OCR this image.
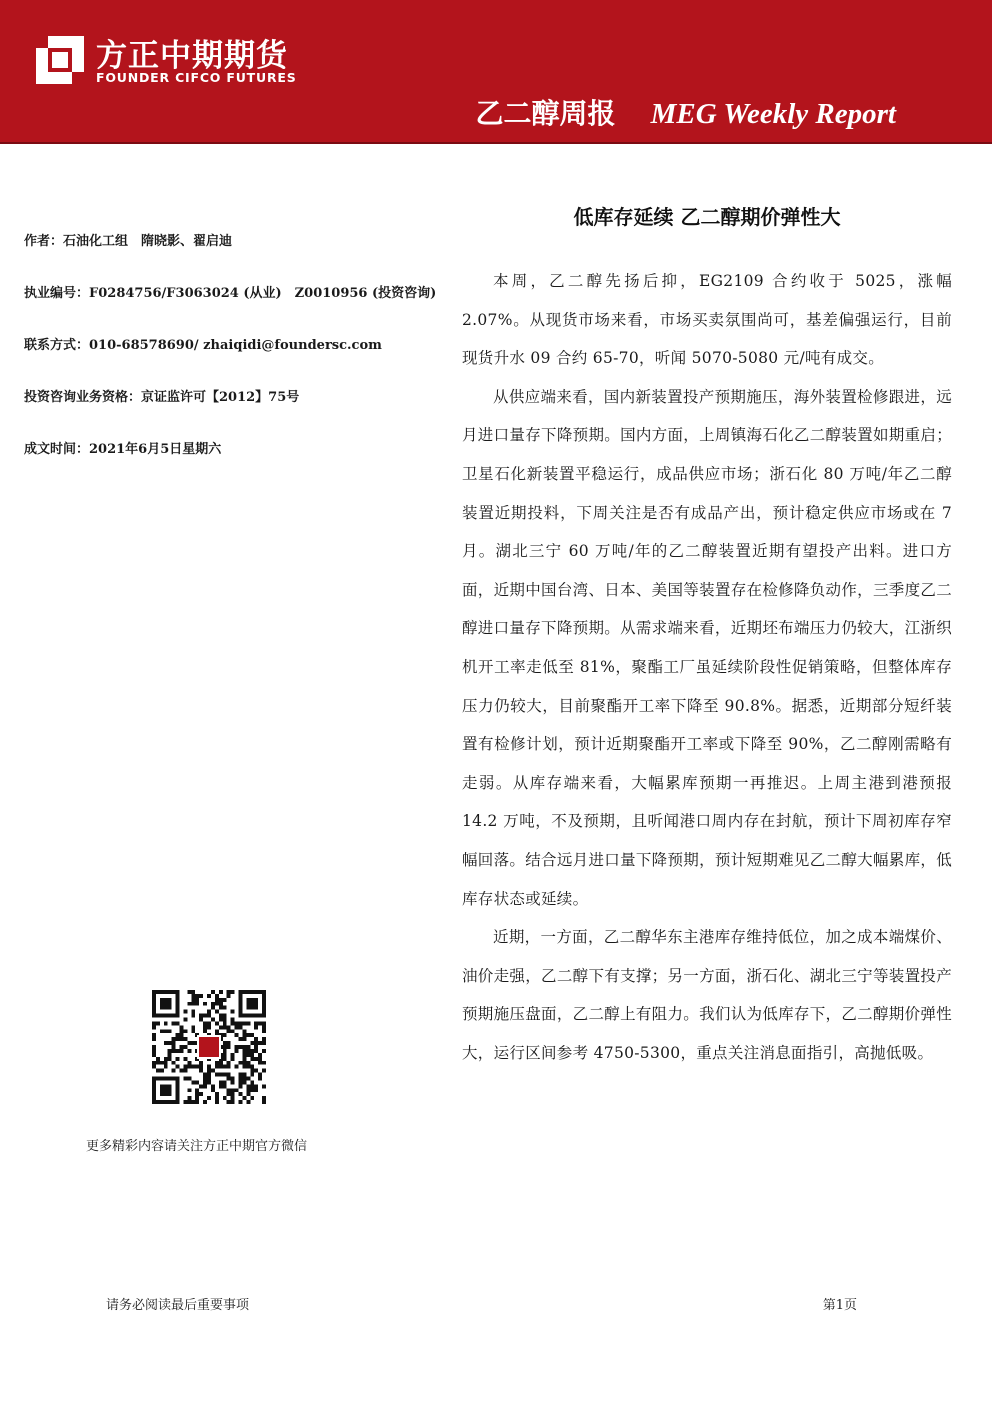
方正中期期货
FOUNDER CIFCO FUTURES
乙二醇周报 MEG Weekly Report
作者：石油化工组　隋晓影、翟启迪
执业编号：F0284756/F3063024 (从业)　Z0010956 (投资咨询)
联系方式：010-68578690/ zhaiqidi@foundersc.com
投资咨询业务资格：京证监许可【2012】75号
成文时间：2021年6月5日星期六
低库存延续 乙二醇期价弹性大

本周，乙二醇先扬后抑，EG2109 合约收于 5025，涨幅 2.07%。从现货市场来看，市场买卖氛围尚可，基差偏强运行，目前现货升水 09 合约 65-70，听闻 5070-5080 元/吨有成交。

从供应端来看，国内新装置投产预期施压，海外装置检修跟进，远月进口量存下降预期。国内方面，上周镇海石化乙二醇装置如期重启；卫星石化新装置平稳运行，成品供应市场；浙石化 80 万吨/年乙二醇装置近期投料，下周关注是否有成品产出，预计稳定供应市场或在 7 月。湖北三宁 60 万吨/年的乙二醇装置近期有望投产出料。进口方面，近期中国台湾、日本、美国等装置存在检修降负动作，三季度乙二醇进口量存下降预期。从需求端来看，近期坯布端压力仍较大，江浙织机开工率走低至 81%，聚酯工厂虽延续阶段性促销策略，但整体库存压力仍较大，目前聚酯开工率下降至 90.8%。据悉，近期部分短纤装置有检修计划，预计近期聚酯开工率或下降至 90%，乙二醇刚需略有走弱。从库存端来看，大幅累库预期一再推迟。上周主港到港预报 14.2 万吨，不及预期，且听闻港口周内存在封航，预计下周初库存窄幅回落。结合远月进口量下降预期，预计短期难见乙二醇大幅累库，低库存状态或延续。

近期，一方面，乙二醇华东主港库存维持低位，加之成本端煤价、油价走强，乙二醇下有支撑；另一方面，浙石化、湖北三宁等装置投产预期施压盘面，乙二醇上有阻力。我们认为低库存下，乙二醇期价弹性大，运行区间参考 4750-5300，重点关注消息面指引，高抛低吸。

更多精彩内容请关注方正中期官方微信
请务必阅读最后重要事项	第1页
